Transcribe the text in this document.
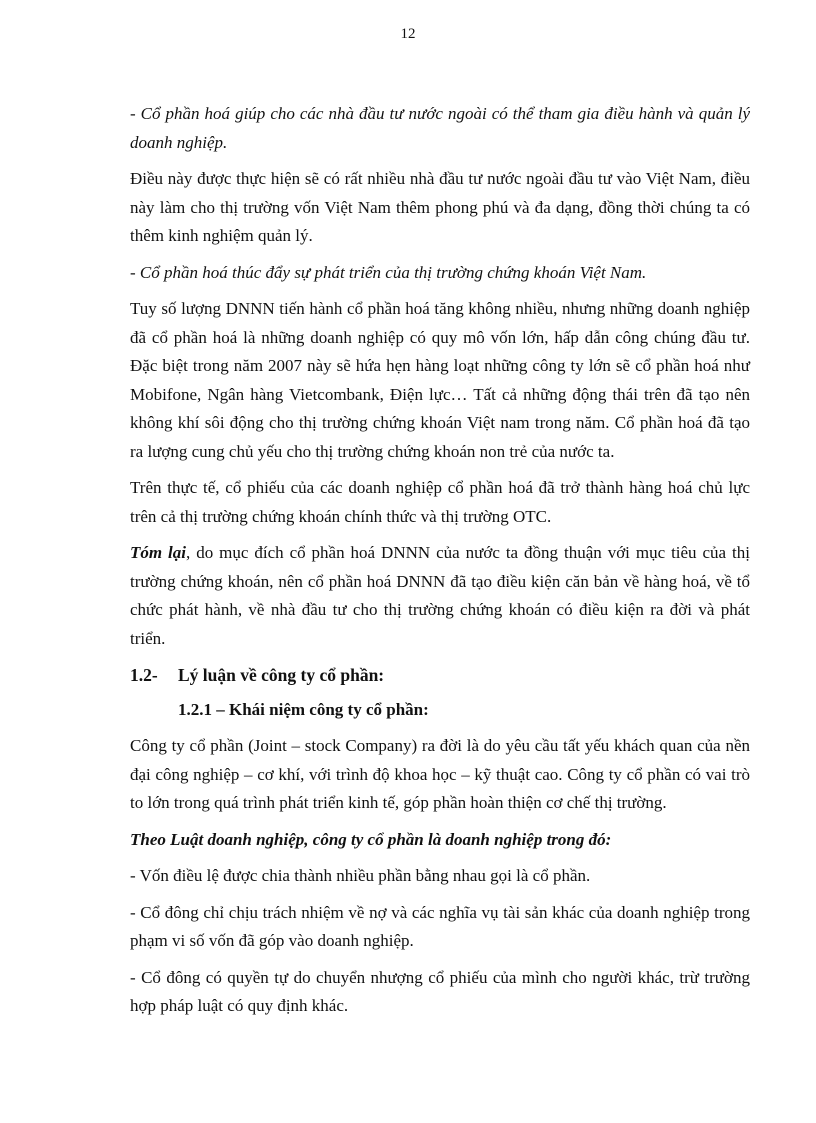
12

- Cổ phần hoá giúp cho các nhà đầu tư nước ngoài có thể tham gia điều hành và quản lý doanh nghiệp.

Điều này được thực hiện sẽ có rất nhiều nhà đầu tư nước ngoài đầu tư vào Việt Nam, điều này làm cho thị trường vốn Việt Nam thêm phong phú và đa dạng, đồng thời chúng ta có thêm kinh nghiệm quản lý.

- Cổ phần hoá thúc đẩy sự phát triển của thị trường chứng khoán Việt Nam.

Tuy số lượng DNNN tiến hành cổ phần hoá tăng không nhiều, nhưng những doanh nghiệp đã cổ phần hoá là những doanh nghiệp có quy mô vốn lớn, hấp dẫn công chúng đầu tư. Đặc biệt trong năm 2007 này sẽ hứa hẹn hàng loạt những công ty lớn sẽ cổ phần hoá như Mobifone, Ngân hàng Vietcombank, Điện lực… Tất cả những động thái trên đã tạo nên không khí sôi động cho thị trường chứng khoán Việt nam trong năm. Cổ phần hoá đã tạo ra lượng cung chủ yếu cho thị trường chứng khoán non trẻ của nước ta.

Trên thực tế, cổ phiếu của các doanh nghiệp cổ phần hoá đã trở thành hàng hoá chủ lực trên cả thị trường chứng khoán chính thức và thị trường OTC.

Tóm lại, do mục đích cổ phần hoá DNNN của nước ta đồng thuận với mục tiêu của thị trường chứng khoán, nên cổ phần hoá DNNN đã tạo điều kiện căn bản về hàng hoá, về tổ chức phát hành, về nhà đầu tư cho thị trường chứng khoán có điều kiện ra đời và phát triển.

1.2-	Lý luận về công ty cổ phần:
1.2.1 – Khái niệm công ty cổ phần:

Công ty cổ phần (Joint – stock Company) ra đời là do yêu cầu tất yếu khách quan của nền đại công nghiệp – cơ khí, với trình độ khoa học – kỹ thuật cao. Công ty cổ phần có vai trò to lớn trong quá trình phát triển kinh tế, góp phần hoàn thiện cơ chế thị trường.

Theo Luật doanh nghiệp, công ty cổ phần là doanh nghiệp trong đó:

- Vốn điều lệ được chia thành nhiều phần bằng nhau gọi là cổ phần.

- Cổ đông chỉ chịu trách nhiệm về nợ và các nghĩa vụ tài sản khác của doanh nghiệp trong phạm vi số vốn đã góp vào doanh nghiệp.

- Cổ đông có quyền tự do chuyển nhượng cổ phiếu của mình cho người khác, trừ trường hợp pháp luật có quy định khác.
